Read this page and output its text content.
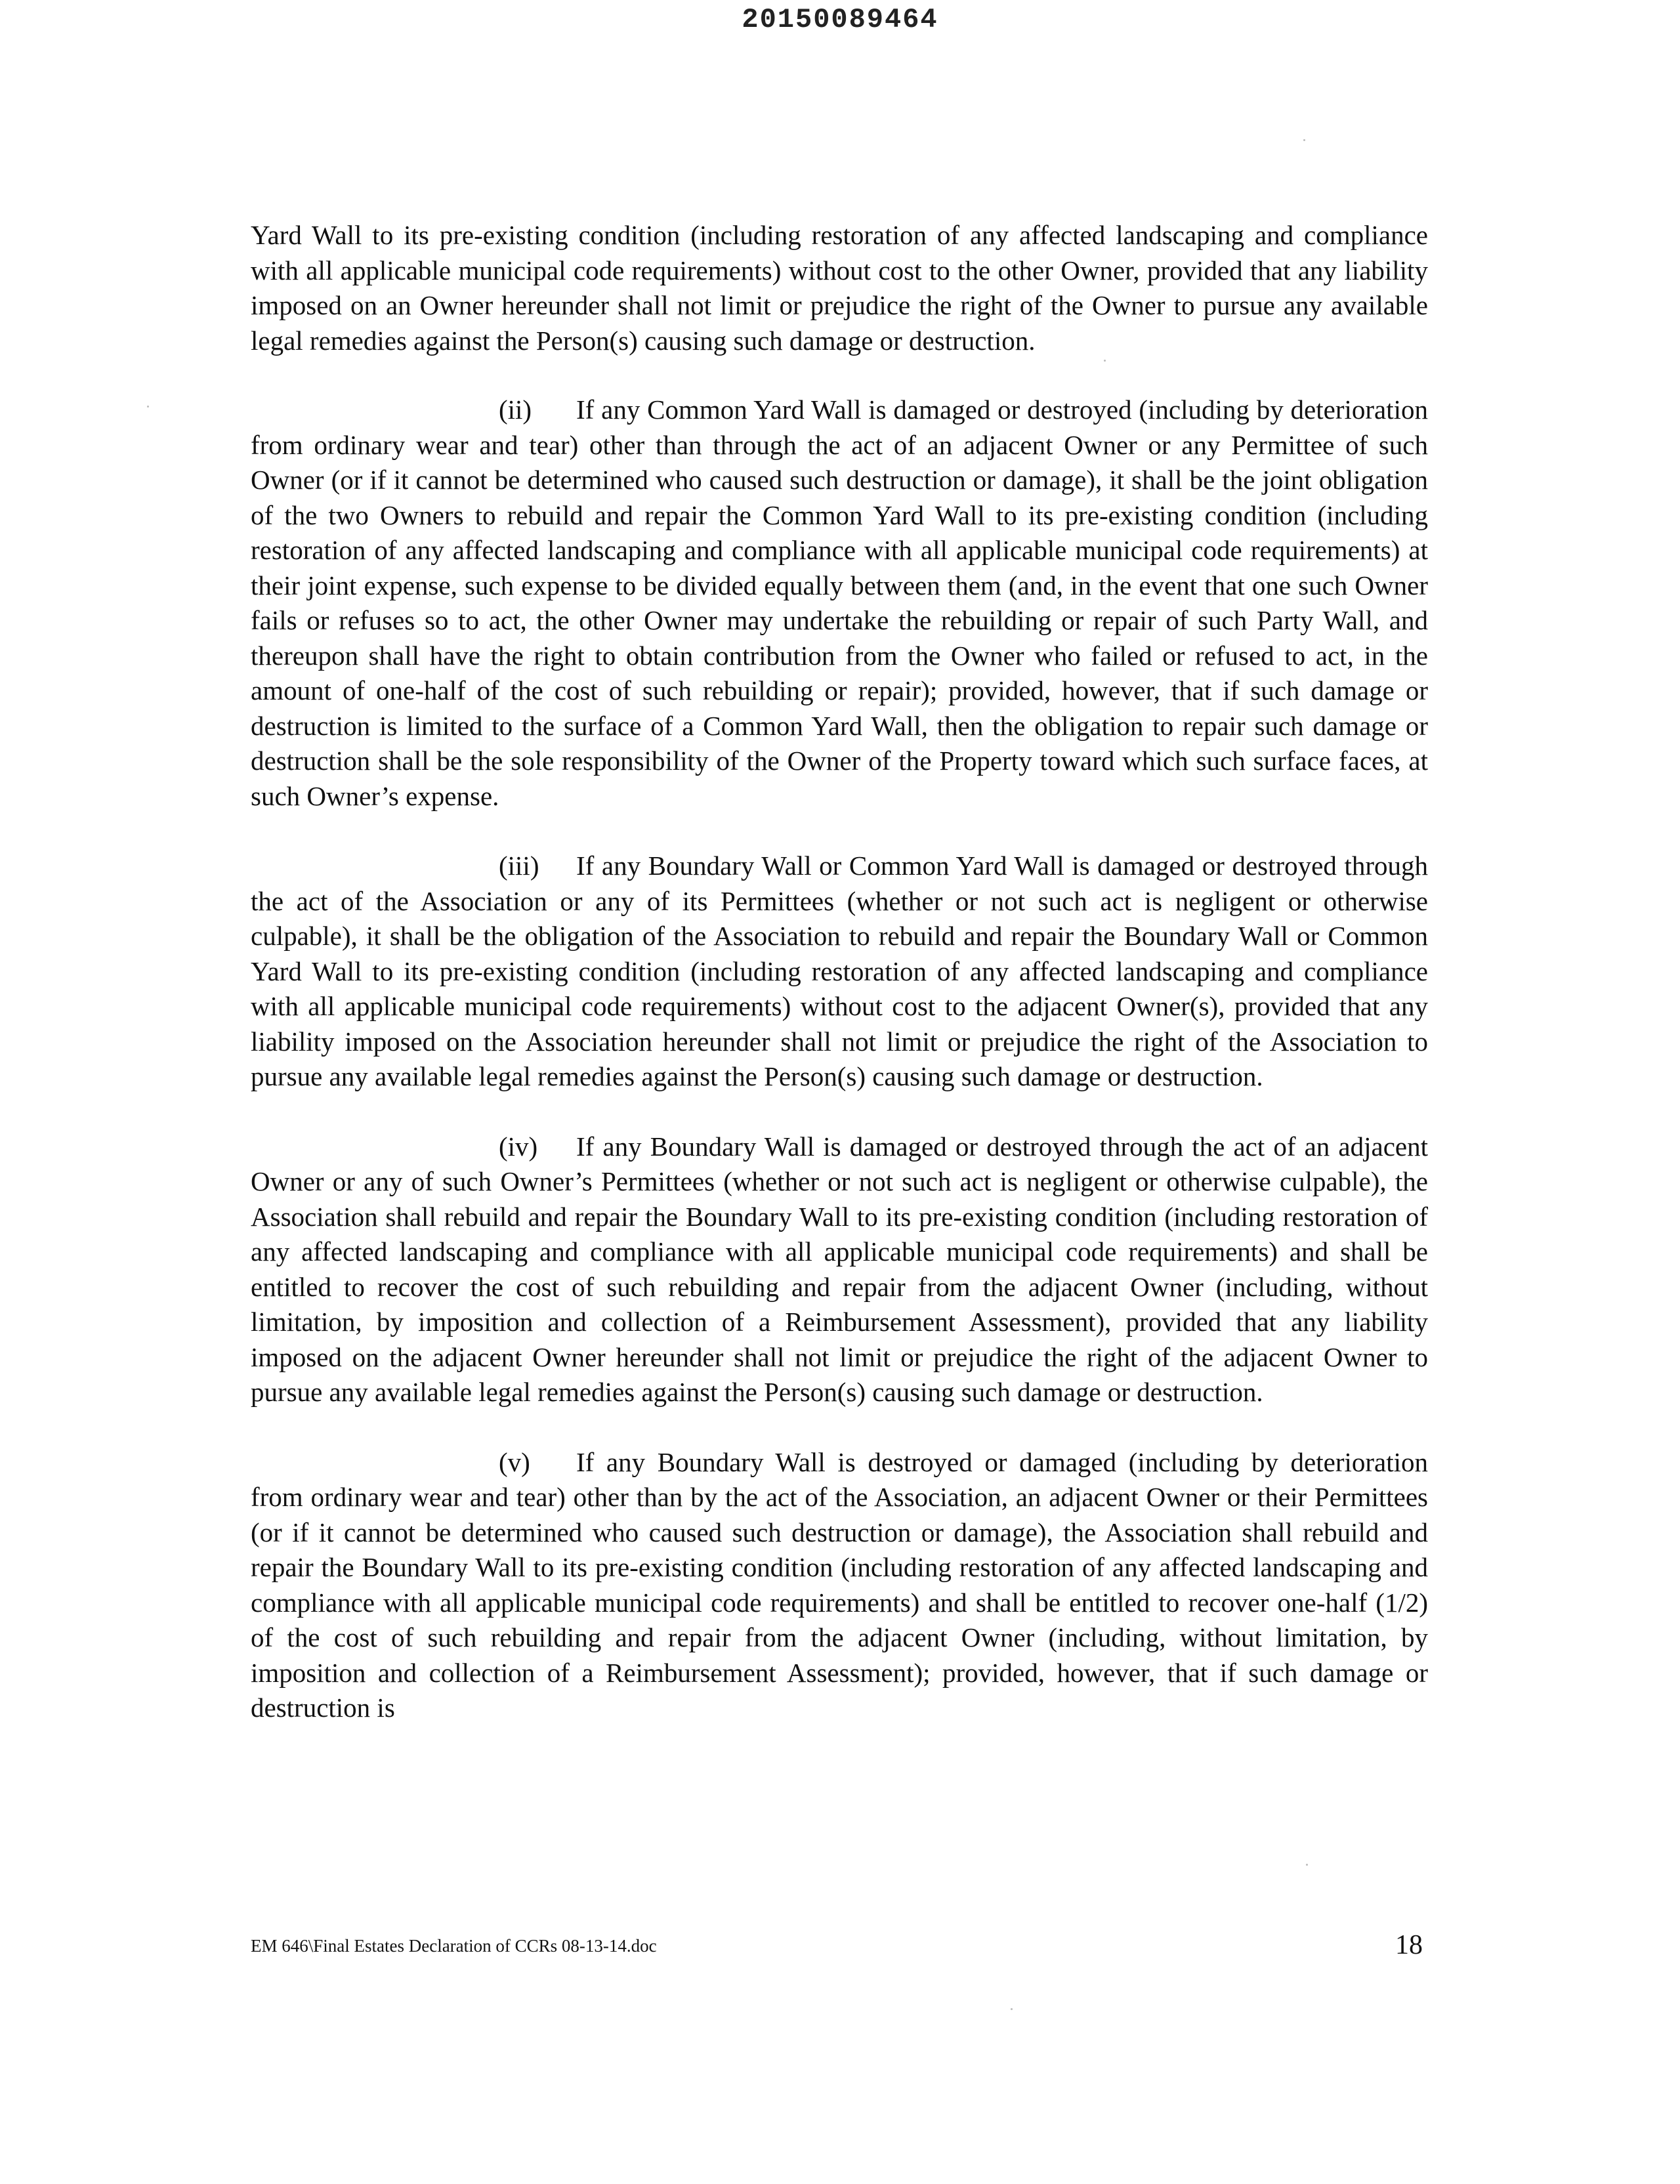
20150089464

Yard Wall to its pre-existing condition (including restoration of any affected landscaping and compliance with all applicable municipal code requirements) without cost to the other Owner, provided that any liability imposed on an Owner hereunder shall not limit or prejudice the right of the Owner to pursue any available legal remedies against the Person(s) causing such damage or destruction.

(ii) If any Common Yard Wall is damaged or destroyed (including by deterioration from ordinary wear and tear) other than through the act of an adjacent Owner or any Permittee of such Owner (or if it cannot be determined who caused such destruction or damage), it shall be the joint obligation of the two Owners to rebuild and repair the Common Yard Wall to its pre-existing condition (including restoration of any affected landscaping and compliance with all applicable municipal code requirements) at their joint expense, such expense to be divided equally between them (and, in the event that one such Owner fails or refuses so to act, the other Owner may undertake the rebuilding or repair of such Party Wall, and thereupon shall have the right to obtain contribution from the Owner who failed or refused to act, in the amount of one-half of the cost of such rebuilding or repair); provided, however, that if such damage or destruction is limited to the surface of a Common Yard Wall, then the obligation to repair such damage or destruction shall be the sole responsibility of the Owner of the Property toward which such surface faces, at such Owner’s expense.

(iii) If any Boundary Wall or Common Yard Wall is damaged or destroyed through the act of the Association or any of its Permittees (whether or not such act is negligent or otherwise culpable), it shall be the obligation of the Association to rebuild and repair the Boundary Wall or Common Yard Wall to its pre-existing condition (including restoration of any affected landscaping and compliance with all applicable municipal code requirements) without cost to the adjacent Owner(s), provided that any liability imposed on the Association hereunder shall not limit or prejudice the right of the Association to pursue any available legal remedies against the Person(s) causing such damage or destruction.

(iv) If any Boundary Wall is damaged or destroyed through the act of an adjacent Owner or any of such Owner’s Permittees (whether or not such act is negligent or otherwise culpable), the Association shall rebuild and repair the Boundary Wall to its pre-existing condition (including restoration of any affected landscaping and compliance with all applicable municipal code requirements) and shall be entitled to recover the cost of such rebuilding and repair from the adjacent Owner (including, without limitation, by imposition and collection of a Reimbursement Assessment), provided that any liability imposed on the adjacent Owner hereunder shall not limit or prejudice the right of the adjacent Owner to pursue any available legal remedies against the Person(s) causing such damage or destruction.

(v) If any Boundary Wall is destroyed or damaged (including by deterioration from ordinary wear and tear) other than by the act of the Association, an adjacent Owner or their Permittees (or if it cannot be determined who caused such destruction or damage), the Association shall rebuild and repair the Boundary Wall to its pre-existing condition (including restoration of any affected landscaping and compliance with all applicable municipal code requirements) and shall be entitled to recover one-half (1/2) of the cost of such rebuilding and repair from the adjacent Owner (including, without limitation, by imposition and collection of a Reimbursement Assessment); provided, however, that if such damage or destruction is

EM 646\Final Estates Declaration of CCRs 08-13-14.doc	18
